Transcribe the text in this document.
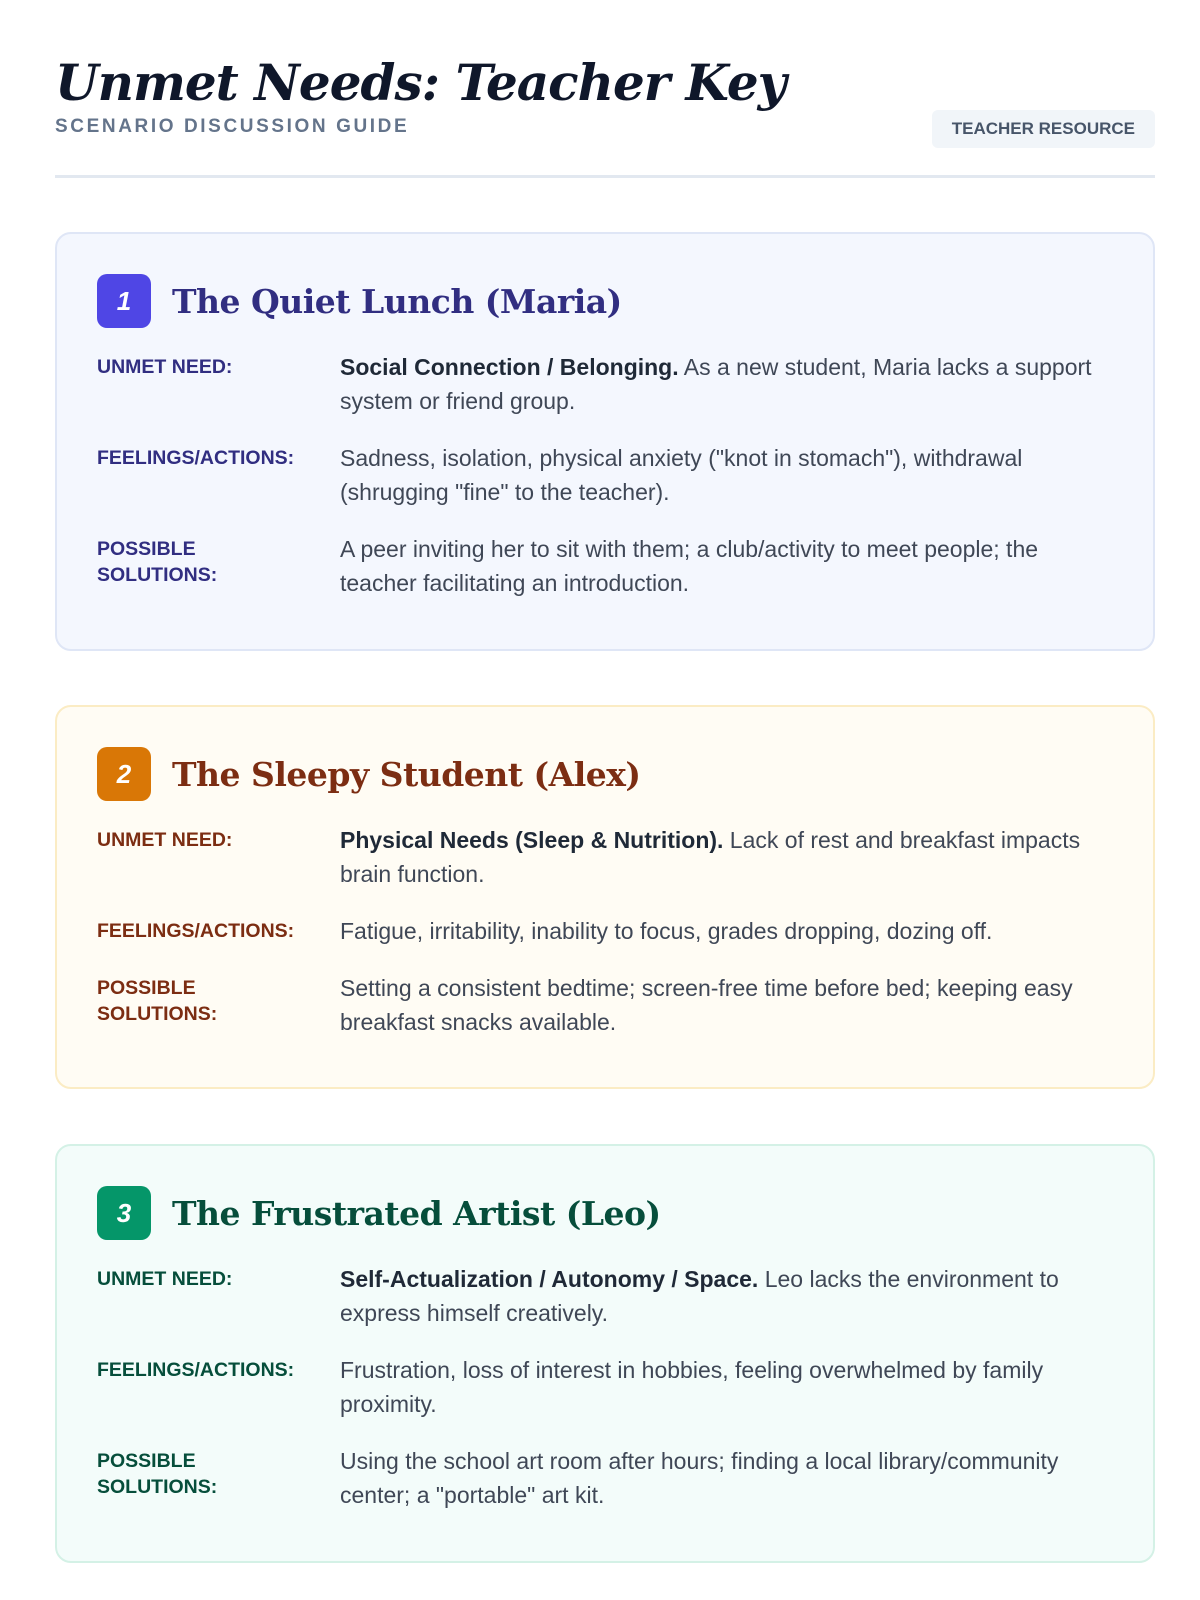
Unmet Needs: Teacher Key
SCENARIO DISCUSSION GUIDE	TEACHER RESOURCE
1	The Quiet Lunch (Maria)
UNMET NEED:	Social Connection / Belonging. As a new student, Maria lacks a support system or friend group.
FEELINGS/ACTIONS:	Sadness, isolation, physical anxiety ("knot in stomach"), withdrawal (shrugging "fine" to the teacher).
POSSIBLE SOLUTIONS:
A peer inviting her to sit with them; a club/activity to meet people; the teacher facilitating an introduction.
2	The Sleepy Student (Alex)
UNMET NEED:	Physical Needs (Sleep & Nutrition). Lack of rest and breakfast impacts brain function.
FEELINGS/ACTIONS:	Fatigue, irritability, inability to focus, grades dropping, dozing off.
POSSIBLE SOLUTIONS:
Setting a consistent bedtime; screen-free time before bed; keeping easy breakfast snacks available.
3	The Frustrated Artist (Leo)
UNMET NEED:	Self-Actualization / Autonomy / Space. Leo lacks the environment to express himself creatively.
FEELINGS/ACTIONS:	Frustration, loss of interest in hobbies, feeling overwhelmed by family proximity.
POSSIBLE SOLUTIONS:
Using the school art room after hours; finding a local library/community center; a "portable" art kit.
